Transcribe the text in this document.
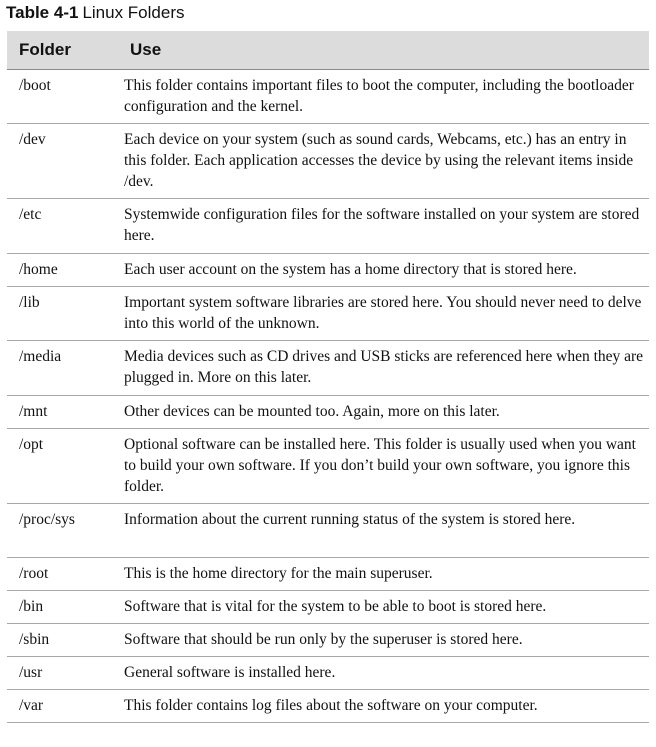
Table 4-1 Linux Folders
Folder	Use
/boot	This folder contains important files to boot the computer, including the bootloader configuration and the kernel.
/dev	Each device on your system (such as sound cards, Webcams, etc.) has an entry in this folder. Each application accesses the device by using the relevant items inside /dev.
/etc	Systemwide configuration files for the software installed on your system are stored here.
/home	Each user account on the system has a home directory that is stored here.
/lib	Important system software libraries are stored here. You should never need to delve into this world of the unknown.
/media	Media devices such as CD drives and USB sticks are referenced here when they are plugged in. More on this later.
/mnt	Other devices can be mounted too. Again, more on this later.
/opt	Optional software can be installed here. This folder is usually used when you want to build your own software. If you don’t build your own software, you ignore this folder.
/proc/sys	Information about the current running status of the system is stored here.
/root	This is the home directory for the main superuser.
/bin	Software that is vital for the system to be able to boot is stored here.
/sbin	Software that should be run only by the superuser is stored here.
/usr	General software is installed here.
/var	This folder contains log files about the software on your computer.
